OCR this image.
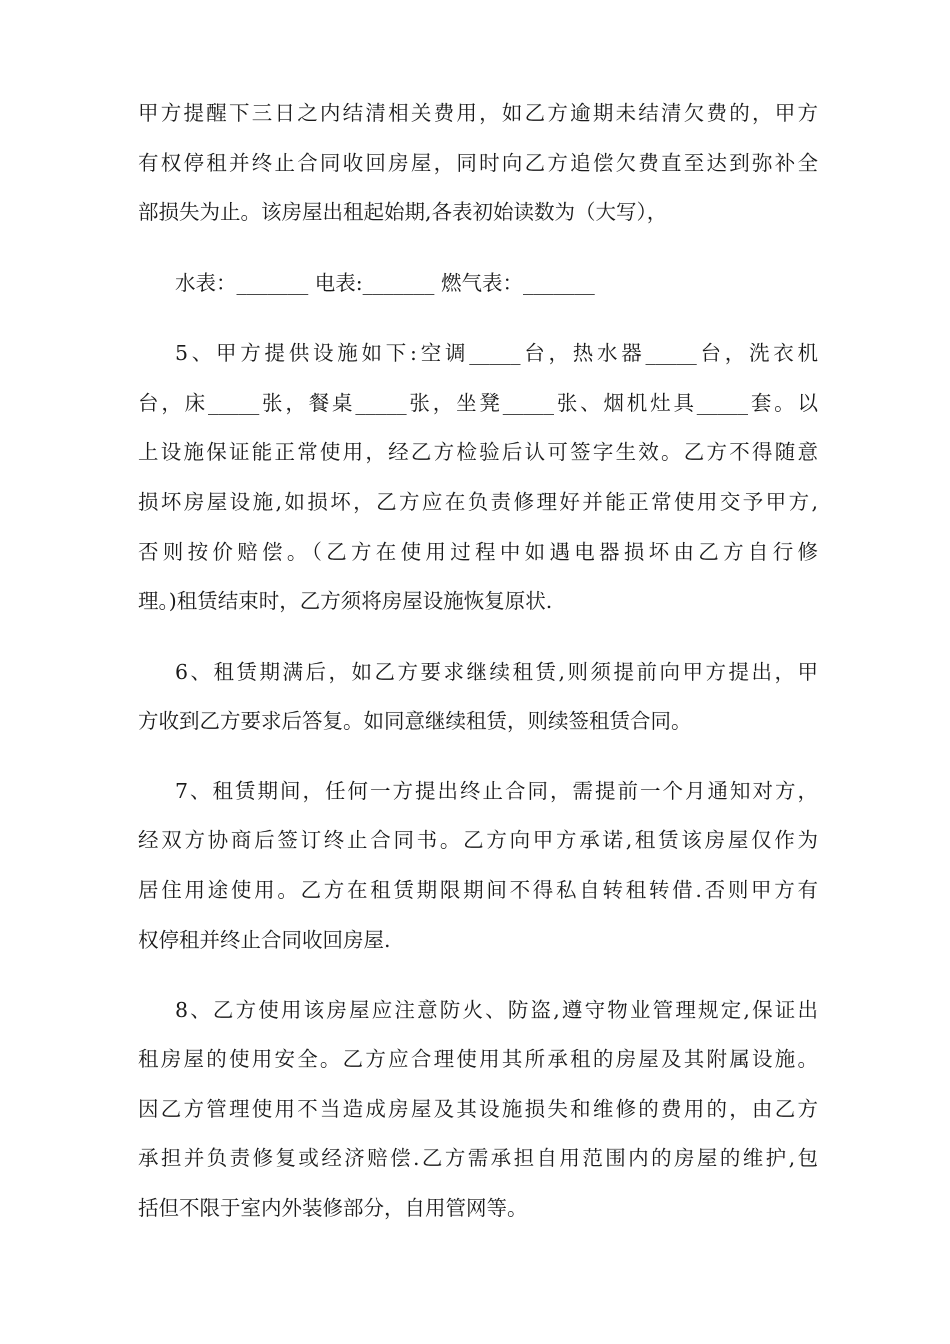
甲方提醒下三日之内结清相关费用，如乙方逾期未结清欠费的，甲方
有权停租并终止合同收回房屋，同时向乙方追偿欠费直至达到弥补全
部损失为止。该房屋出租起始期,各表初始读数为（大写），
水表：_______ 电表:_______ 燃气表：_______
5、甲方提供设施如下:空调_____台，热水器_____台，洗衣机
台，床_____张，餐桌_____张，坐凳_____张、烟机灶具_____套。以
上设施保证能正常使用，经乙方检验后认可签字生效。乙方不得随意
损坏房屋设施,如损坏，乙方应在负责修理好并能正常使用交予甲方,
否则按价赔偿。（乙方在使用过程中如遇电器损坏由乙方自行修
理。)租赁结束时，乙方须将房屋设施恢复原状.
6、租赁期满后，如乙方要求继续租赁,则须提前向甲方提出，甲
方收到乙方要求后答复。如同意继续租赁，则续签租赁合同。
7、租赁期间，任何一方提出终止合同，需提前一个月通知对方，
经双方协商后签订终止合同书。乙方向甲方承诺,租赁该房屋仅作为
居住用途使用。乙方在租赁期限期间不得私自转租转借.否则甲方有
权停租并终止合同收回房屋.
8、乙方使用该房屋应注意防火、防盗,遵守物业管理规定,保证出
租房屋的使用安全。乙方应合理使用其所承租的房屋及其附属设施。
因乙方管理使用不当造成房屋及其设施损失和维修的费用的，由乙方
承担并负责修复或经济赔偿.乙方需承担自用范围内的房屋的维护,包
括但不限于室内外装修部分，自用管网等。
